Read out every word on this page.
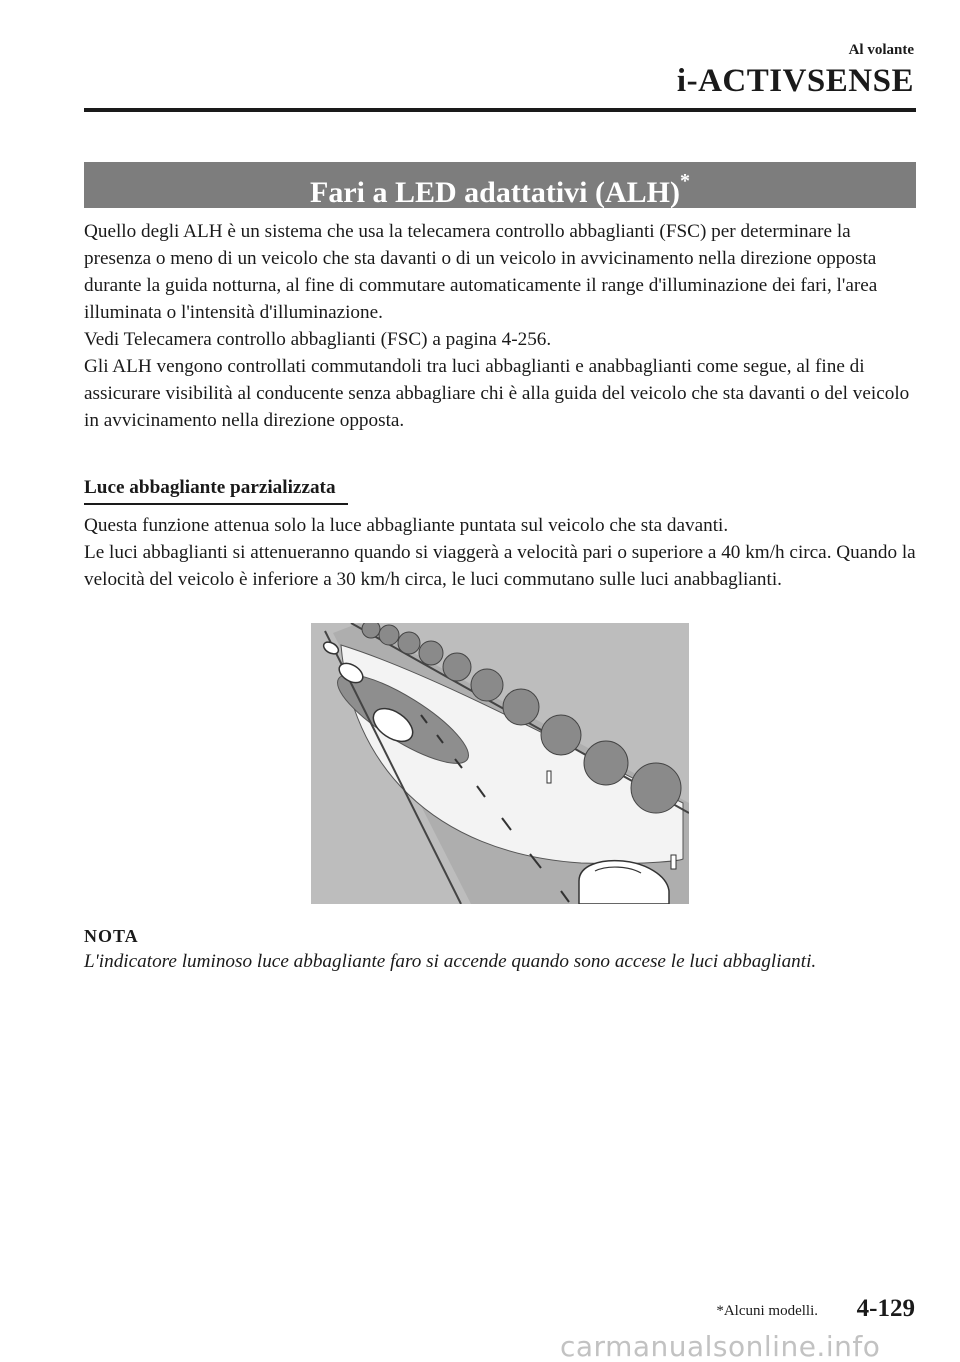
Al volante
i-ACTIVSENSE
Fari a LED adattativi (ALH)*

Quello degli ALH è un sistema che usa la telecamera controllo abbaglianti (FSC) per determinare la presenza o meno di un veicolo che sta davanti o di un veicolo in avvicinamento nella direzione opposta durante la guida notturna, al fine di commutare automaticamente il range d'illuminazione dei fari, l'area illuminata o l'intensità d'illuminazione.

Vedi Telecamera controllo abbaglianti (FSC) a pagina 4-256.

Gli ALH vengono controllati commutandoli tra luci abbaglianti e anabbaglianti come segue, al fine di assicurare visibilità al conducente senza abbagliare chi è alla guida del veicolo che sta davanti o del veicolo in avvicinamento nella direzione opposta.

Luce abbagliante parzializzata

Questa funzione attenua solo la luce abbagliante puntata sul veicolo che sta davanti.

Le luci abbaglianti si attenueranno quando si viaggerà a velocità pari o superiore a 40 km/h circa. Quando la velocità del veicolo è inferiore a 30 km/h circa, le luci commutano sulle luci anabbaglianti.

NOTA
L'indicatore luminoso luce abbagliante faro si accende quando sono accese le luci abbaglianti.
*Alcuni modelli. 4-129
carmanualsonline.info
